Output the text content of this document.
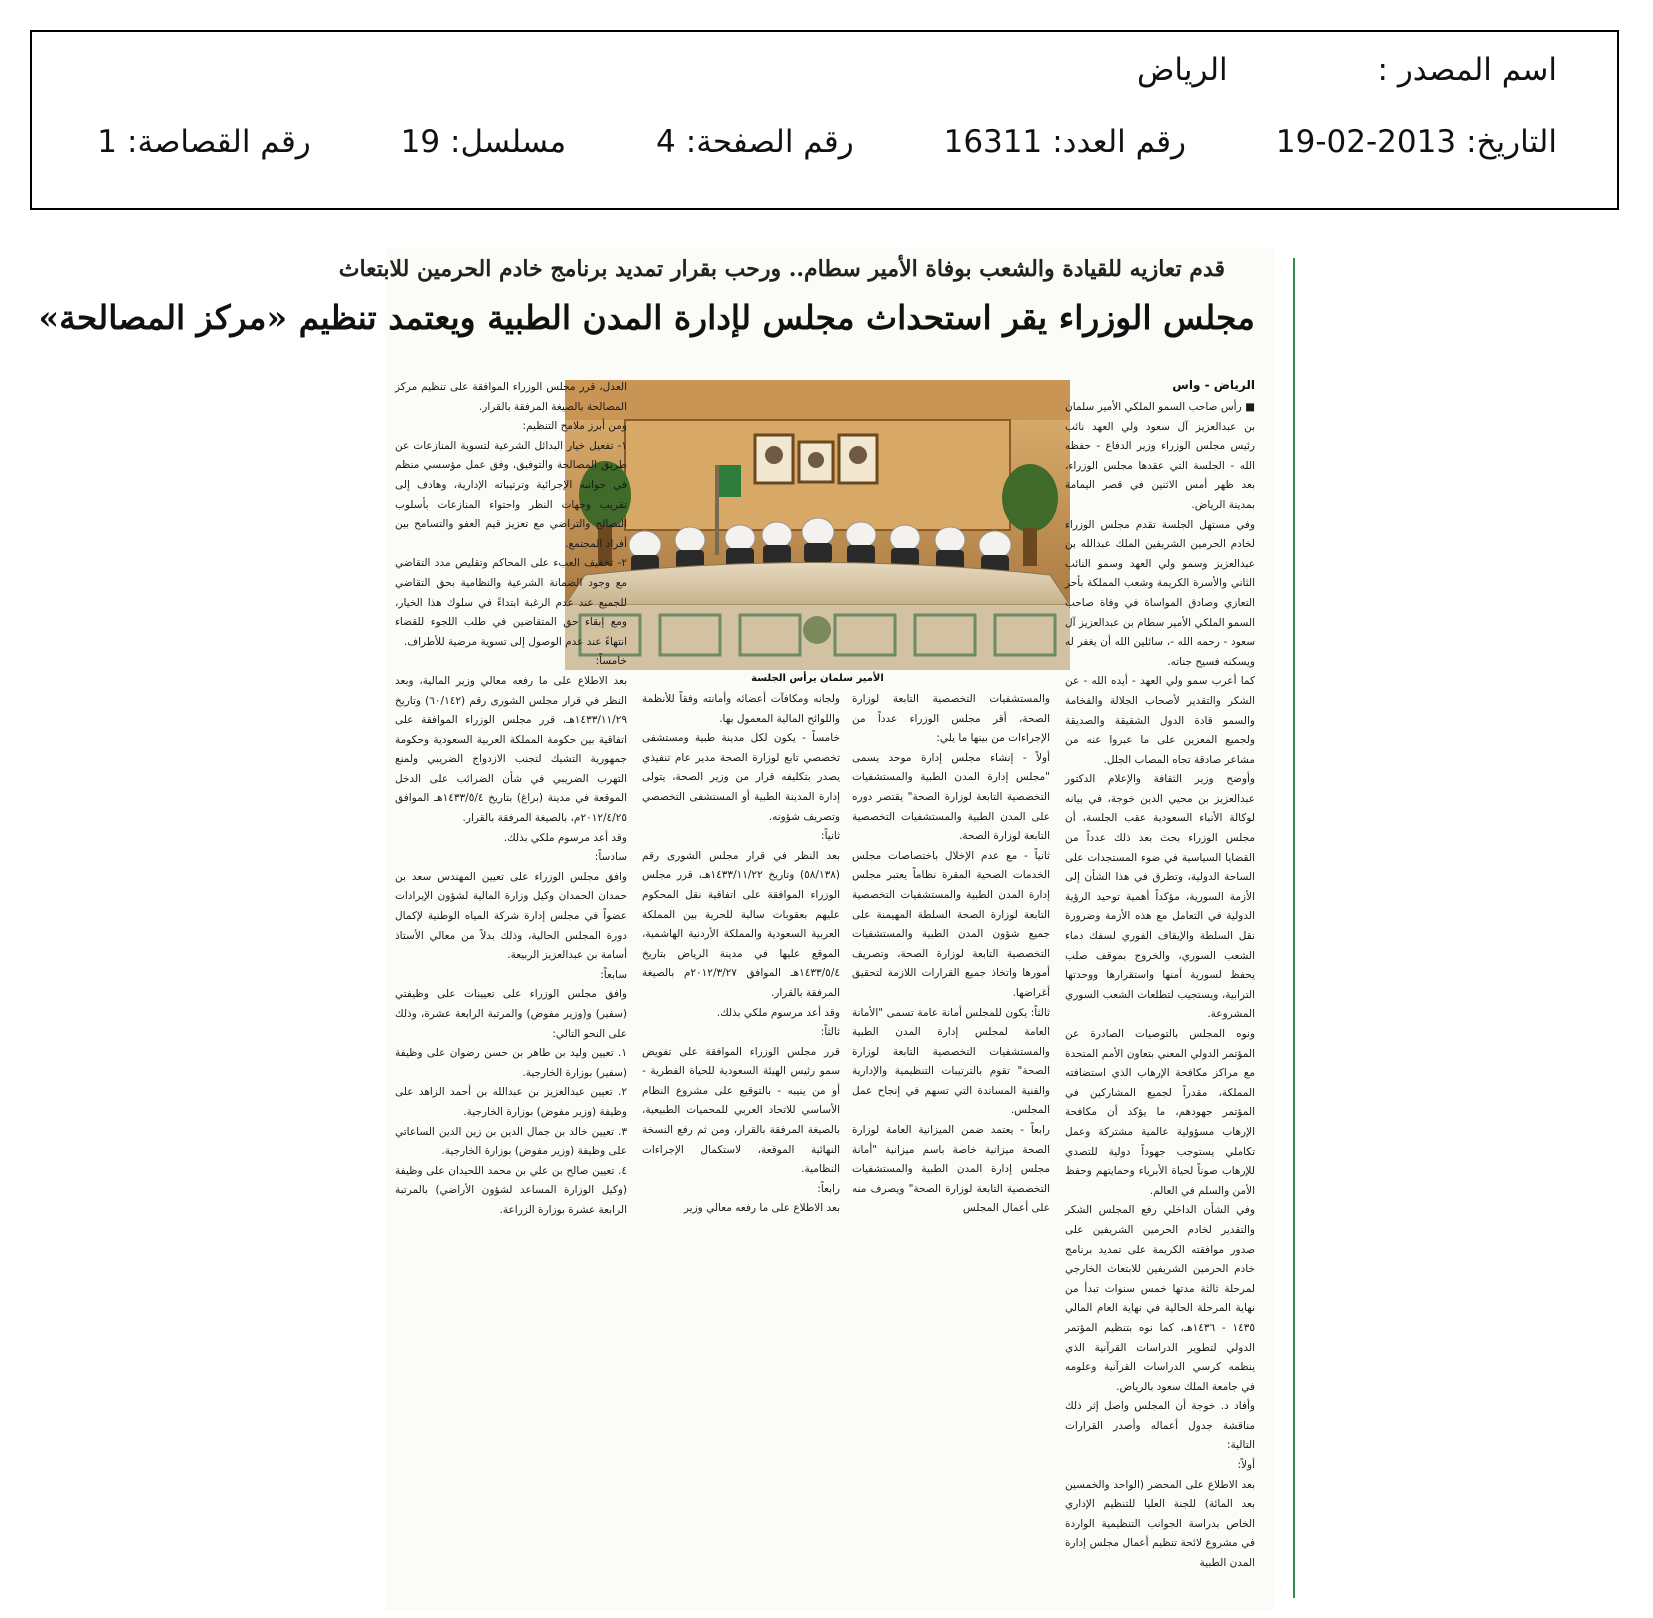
اسم المصدر : الرياض
التاريخ:2013-02-19 رقم العدد:16311 رقم الصفحة:4 مسلسل:19 رقم القصاصة:1
قدم تعازيه للقيادة والشعب بوفاة الأمير سطام.. ورحب بقرار تمديد برنامج خادم الحرمين للابتعاث
مجلس الوزراء يقر استحداث مجلس لإدارة المدن الطبية ويعتمد تنظيم «مركز المصالحة»
الأمير سلمان يرأس الجلسة
الرياض - واس

■ رأس صاحب السمو الملكي الأمير سلمان بن عبدالعزيز آل سعود ولي العهد نائب رئيس مجلس الوزراء وزير الدفاع - حفظه الله - الجلسة التي عقدها مجلس الوزراء، بعد ظهر أمس الاثنين في قصر اليمامة بمدينة الرياض.

وفي مستهل الجلسة تقدم مجلس الوزراء لخادم الحرمين الشريفين الملك عبدالله بن عبدالعزيز وسمو ولي العهد وسمو النائب الثاني والأسرة الكريمة وشعب المملكة بأحر التعازي وصادق المواساة في وفاة صاحب السمو الملكي الأمير سطام بن عبدالعزيز آل سعود - رحمه الله -، سائلين الله أن يغفر له ويسكنه فسيح جناته.

كما أعرب سمو ولي العهد - أيده الله - عن الشكر والتقدير لأصحاب الجلالة والفخامة والسمو قادة الدول الشقيقة والصديقة ولجميع المعزين على ما عبروا عنه من مشاعر صادقة تجاه المصاب الجلل.

وأوضح وزير الثقافة والإعلام الدكتور عبدالعزيز بن محيي الدين خوجة، في بيانه لوكالة الأنباء السعودية عقب الجلسة، أن مجلس الوزراء بحث بعد ذلك عدداً من القضايا السياسية في ضوء المستجدات على الساحة الدولية، وتطرق في هذا الشأن إلى الأزمة السورية، مؤكداً أهمية توحيد الرؤية الدولية في التعامل مع هذه الأزمة وضرورة نقل السلطة والإيقاف الفوري لسفك دماء الشعب السوري، والخروج بموقف صلب يحفظ لسورية أمنها واستقرارها ووحدتها الترابية، ويستجيب لتطلعات الشعب السوري المشروعة.

ونوه المجلس بالتوصيات الصادرة عن المؤتمر الدولي المعني بتعاون الأمم المتحدة مع مراكز مكافحة الإرهاب الذي استضافته المملكة، مقدراً لجميع المشاركين في المؤتمر جهودهم، ما يؤكد أن مكافحة الإرهاب مسؤولية عالمية مشتركة وعمل تكاملي يستوجب جهوداً دولية للتصدي للإرهاب صوناً لحياة الأبرياء وحمايتهم وحفظ الأمن والسلم في العالم.

وفي الشأن الداخلي رفع المجلس الشكر والتقدير لخادم الحرمين الشريفين على صدور موافقته الكريمة على تمديد برنامج خادم الحرمين الشريفين للابتعاث الخارجي لمرحلة ثالثة مدتها خمس سنوات تبدأ من نهاية المرحلة الحالية في نهاية العام المالي ١٤٣٥ - ١٤٣٦هـ، كما نوه بتنظيم المؤتمر الدولي لتطوير الدراسات القرآنية الذي ينظمه كرسي الدراسات القرآنية وعلومه في جامعة الملك سعود بالرياض.

وأفاد د. خوجة أن المجلس واصل إثر ذلك مناقشة جدول أعماله وأصدر القرارات التالية:

أولاً:

بعد الاطلاع على المحضر (الواحد والخمسين بعد المائة) للجنة العليا للتنظيم الإداري الخاص بدراسة الجوانب التنظيمية الواردة في مشروع لائحة تنظيم أعمال مجلس إدارة المدن الطبية

والمستشفيات التخصصية التابعة لوزارة الصحة، أقر مجلس الوزراء عدداً من الإجراءات من بينها ما يلي:

أولاً - إنشاء مجلس إدارة موحد يسمى "مجلس إدارة المدن الطبية والمستشفيات التخصصية التابعة لوزارة الصحة" يقتصر دوره على المدن الطبية والمستشفيات التخصصية التابعة لوزارة الصحة.

ثانياً - مع عدم الإخلال باختصاصات مجلس الخدمات الصحية المقرة نظاماً يعتبر مجلس إدارة المدن الطبية والمستشفيات التخصصية التابعة لوزارة الصحة السلطة المهيمنة على جميع شؤون المدن الطبية والمستشفيات التخصصية التابعة لوزارة الصحة، وتصريف أمورها واتخاذ جميع القرارات اللازمة لتحقيق أغراضها.

ثالثاً: يكون للمجلس أمانة عامة تسمى "الأمانة العامة لمجلس إدارة المدن الطبية والمستشفيات التخصصية التابعة لوزارة الصحة" تقوم بالترتيبات التنظيمية والإدارية والفنية المساندة التي تسهم في إنجاح عمل المجلس.

رابعاً - يعتمد ضمن الميزانية العامة لوزارة الصحة ميزانية خاصة باسم ميزانية "أمانة مجلس إدارة المدن الطبية والمستشفيات التخصصية التابعة لوزارة الصحة" ويصرف منه على أعمال المجلس

ولجانه ومكافآت أعضائه وأمانته وفقاً للأنظمة واللوائح المالية المعمول بها.

خامساً - يكون لكل مدينة طبية ومستشفى تخصصي تابع لوزارة الصحة مدير عام تنفيذي يصدر بتكليفه قرار من وزير الصحة، يتولى إدارة المدينة الطبية أو المستشفى التخصصي وتصريف شؤونه.

ثانياً:

بعد النظر في قرار مجلس الشورى رقم (٥٨/١٣٨) وتاريخ ١٤٣٣/١١/٢٢هـ، قرر مجلس الوزراء الموافقة على اتفاقية نقل المحكوم عليهم بعقوبات سالبة للحرية بين المملكة العربية السعودية والمملكة الأردنية الهاشمية، الموقع عليها في مدينة الرياض بتاريخ ١٤٣٣/٥/٤هـ الموافق ٢٠١٢/٣/٢٧م بالصيغة المرفقة بالقرار.

وقد أعد مرسوم ملكي بذلك.

ثالثاً:

قرر مجلس الوزراء الموافقة على تفويض سمو رئيس الهيئة السعودية للحياة الفطرية - أو من ينيبه - بالتوقيع على مشروع النظام الأساسي للاتحاد العربي للمحميات الطبيعية، بالصيغة المرفقة بالقرار، ومن ثم رفع النسخة النهائية الموقعة، لاستكمال الإجراءات النظامية.

رابعاً:

بعد الاطلاع على ما رفعه معالي وزير

العدل، قرر مجلس الوزراء الموافقة على تنظيم مركز المصالحة بالصيغة المرفقة بالقرار.

ومن أبرز ملامح التنظيم:

١- تفعيل خيار البدائل الشرعية لتسوية المنازعات عن طريق المصالحة والتوفيق، وفق عمل مؤسسي منظم في جوانبه الإجرائية وترتيباته الإدارية، وهادف إلى تقريب وجهات النظر واحتواء المنازعات بأسلوب التصالح والتراضي مع تعزيز قيم العفو والتسامح بين أفراد المجتمع.

٢- تخفيف العبء على المحاكم وتقليص مدد التقاضي مع وجود الضمانة الشرعية والنظامية بحق التقاضي للجميع عند عدم الرغبة ابتداءً في سلوك هذا الخيار، ومع إبقاء حق المتقاضين في طلب اللجوء للقضاء انتهاءً عند عدم الوصول إلى تسوية مرضية للأطراف.

خامساً:

بعد الاطلاع على ما رفعه معالي وزير المالية، وبعد النظر في قرار مجلس الشورى رقم (٦٠/١٤٢) وتاريخ ١٤٣٣/١١/٢٩هـ، قرر مجلس الوزراء الموافقة على اتفاقية بين حكومة المملكة العربية السعودية وحكومة جمهورية التشيك لتجنب الازدواج الضريبي ولمنع التهرب الضريبي في شأن الضرائب على الدخل الموقعة في مدينة (براغ) بتاريخ ١٤٣٣/٥/٤هـ الموافق ٢٠١٢/٤/٢٥م، بالصيغة المرفقة بالقرار.

وقد أعد مرسوم ملكي بذلك.

سادساً:

وافق مجلس الوزراء على تعيين المهندس سعد بن حمدان الحمدان وكيل وزارة المالية لشؤون الإيرادات عضواً في مجلس إدارة شركة المياه الوطنية لإكمال دورة المجلس الحالية، وذلك بدلاً من معالي الأستاذ أسامة بن عبدالعزيز الربيعة.

سابعاً:

وافق مجلس الوزراء على تعيينات على وظيفتي (سفير) و(وزير مفوض) والمرتبة الرابعة عشرة، وذلك على النحو التالي:

١. تعيين وليد بن طاهر بن حسن رضوان على وظيفة (سفير) بوزارة الخارجية.

٢. تعيين عبدالعزيز بن عبدالله بن أحمد الزاهد على وظيفة (وزير مفوض) بوزارة الخارجية.

٣. تعيين خالد بن جمال الدين بن زين الدين الساعاتي على وظيفة (وزير مفوض) بوزارة الخارجية.

٤. تعيين صالح بن علي بن محمد اللحيدان على وظيفة (وكيل الوزارة المساعد لشؤون الأراضي) بالمرتبة الرابعة عشرة بوزارة الزراعة.
